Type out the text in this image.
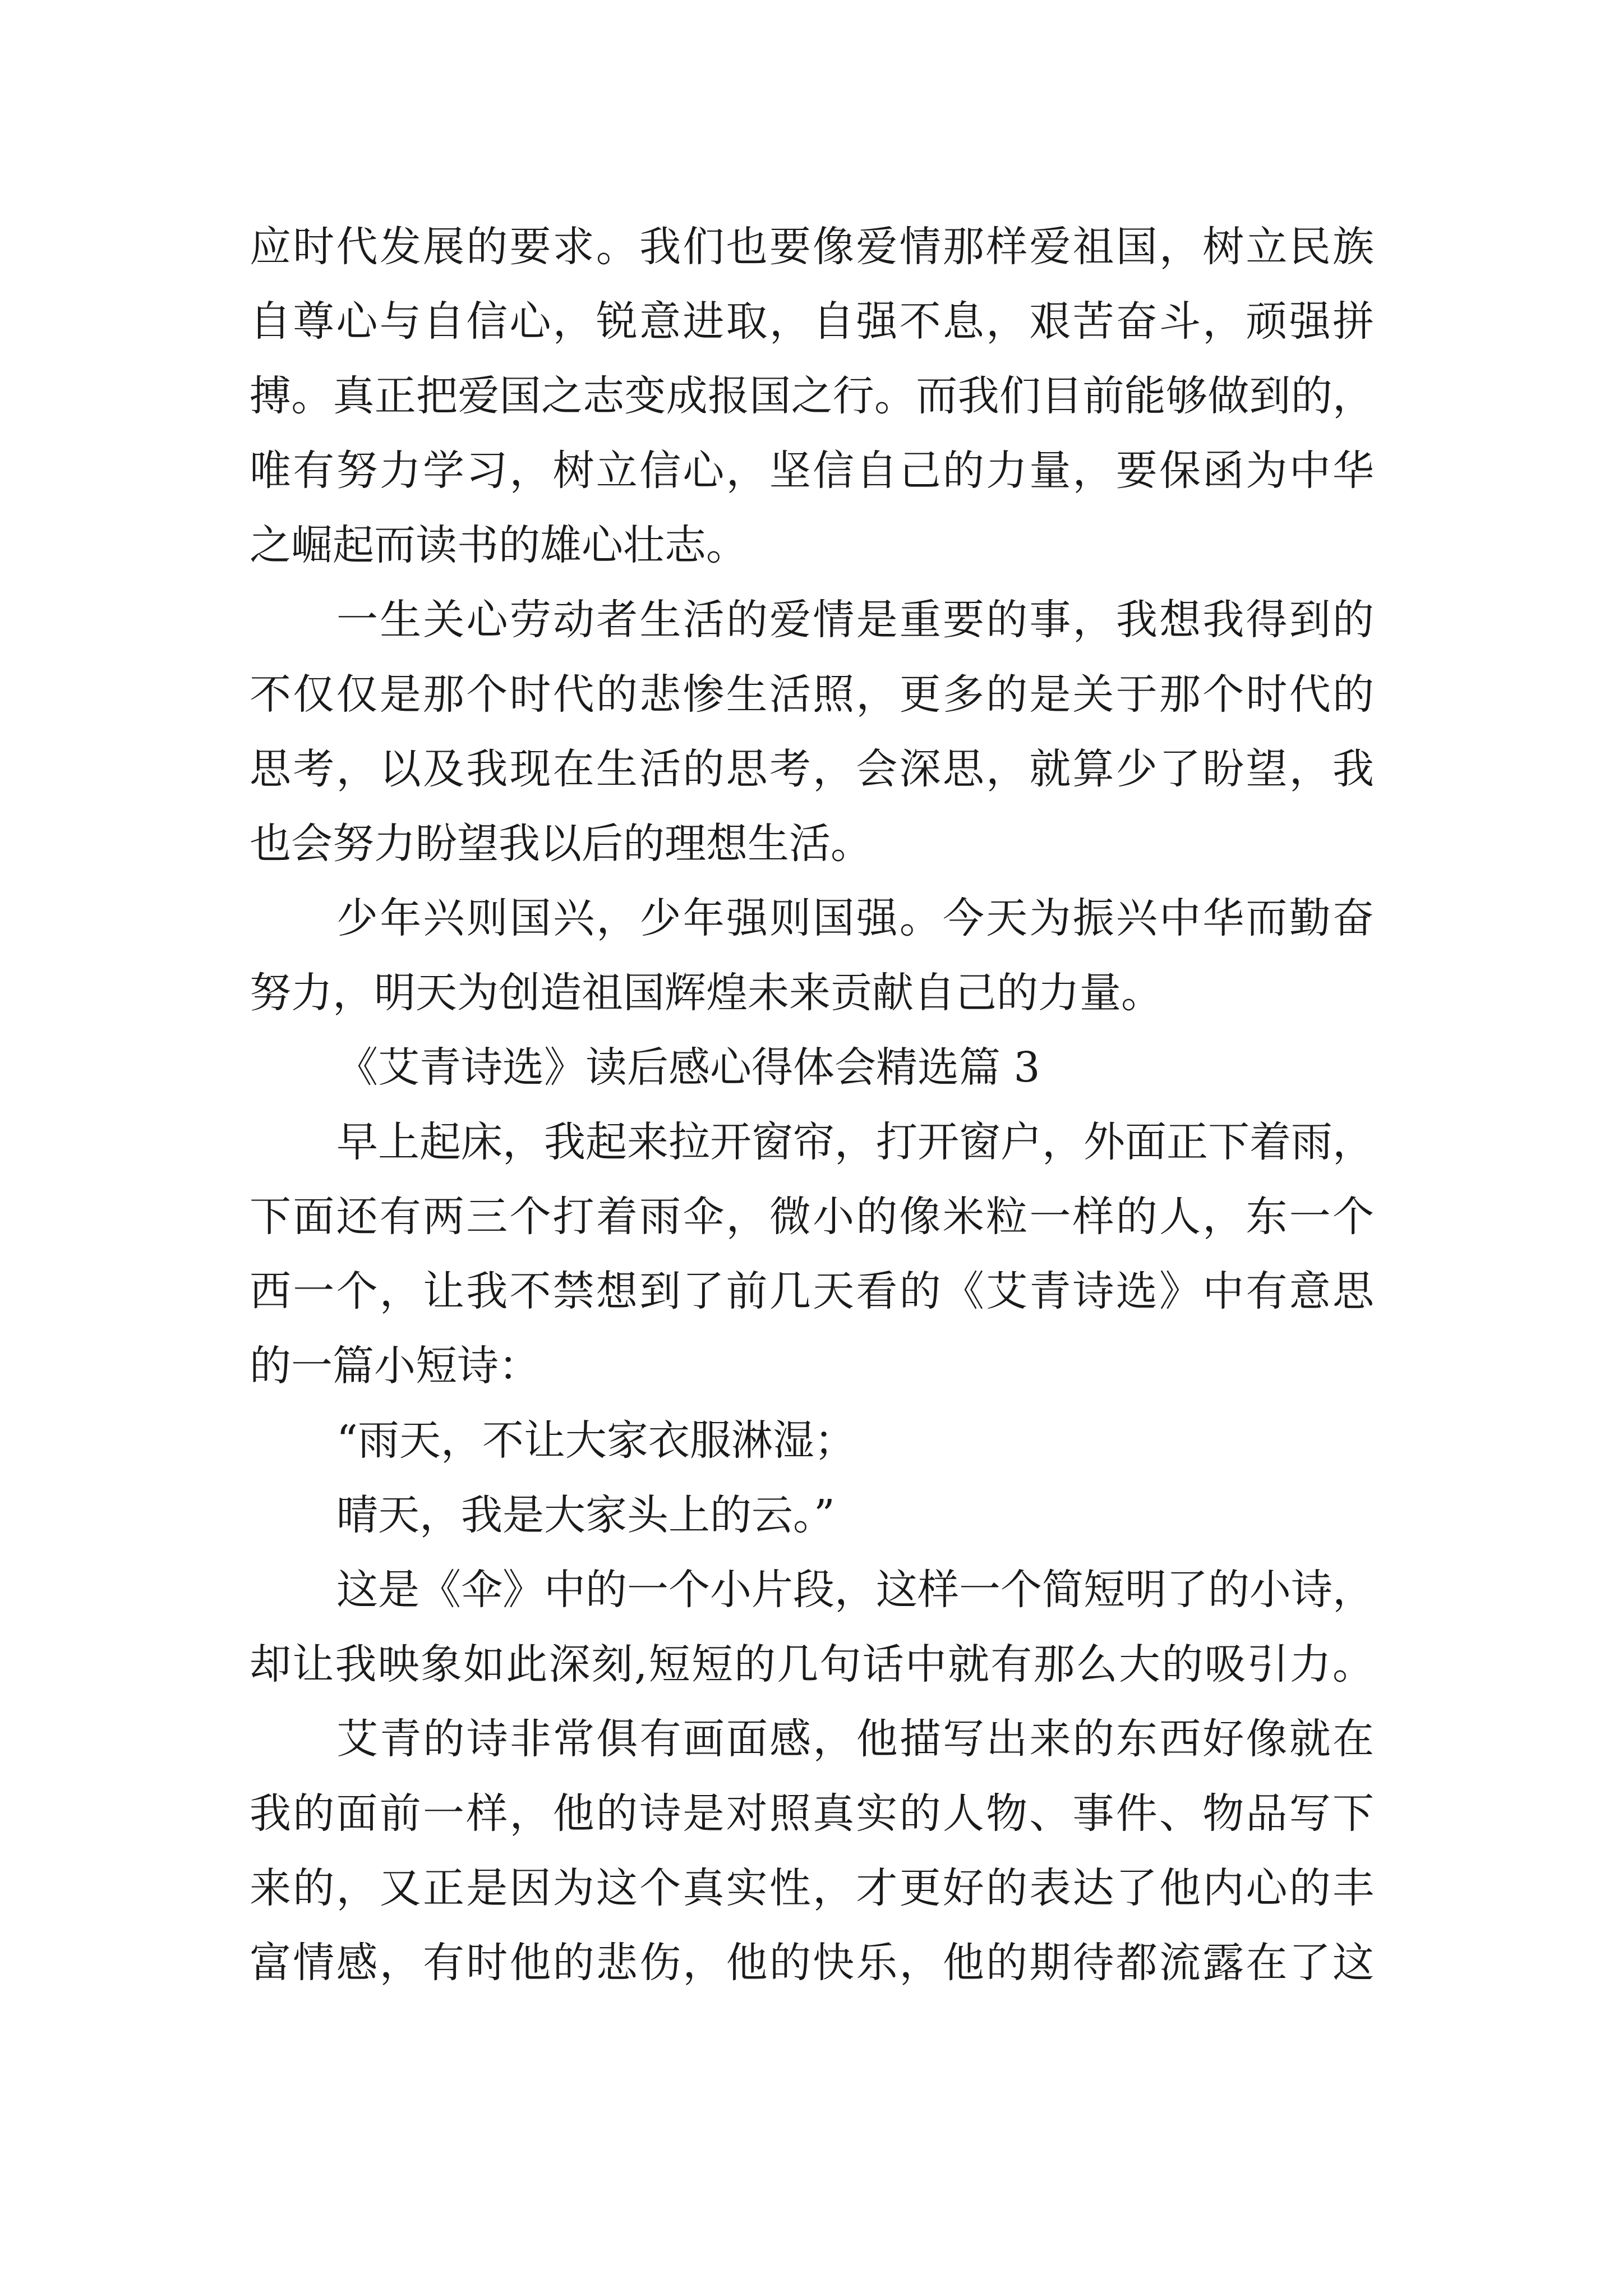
应时代发展的要求。我们也要像爱情那样爱祖国，树立民族
自尊心与自信心，锐意进取，自强不息，艰苦奋斗，顽强拼
搏。真正把爱国之志变成报国之行。而我们目前能够做到的，
唯有努力学习，树立信心，坚信自己的力量，要保函为中华
之崛起而读书的雄心壮志。
一生关心劳动者生活的爱情是重要的事，我想我得到的
不仅仅是那个时代的悲惨生活照，更多的是关于那个时代的
思考，以及我现在生活的思考，会深思，就算少了盼望，我
也会努力盼望我以后的理想生活。
少年兴则国兴，少年强则国强。今天为振兴中华而勤奋
努力，明天为创造祖国辉煌未来贡献自己的力量。
《艾青诗选》读后感心得体会精选篇 3
早上起床，我起来拉开窗帘，打开窗户，外面正下着雨，
下面还有两三个打着雨伞，微小的像米粒一样的人，东一个
西一个，让我不禁想到了前几天看的《艾青诗选》中有意思
的一篇小短诗：
“雨天，不让大家衣服淋湿；
晴天，我是大家头上的云。”
这是《伞》中的一个小片段，这样一个简短明了的小诗，
却让我映象如此深刻,短短的几句话中就有那么大的吸引力。
艾青的诗非常俱有画面感，他描写出来的东西好像就在
我的面前一样，他的诗是对照真实的人物、事件、物品写下
来的，又正是因为这个真实性，才更好的表达了他内心的丰
富情感，有时他的悲伤，他的快乐，他的期待都流露在了这
